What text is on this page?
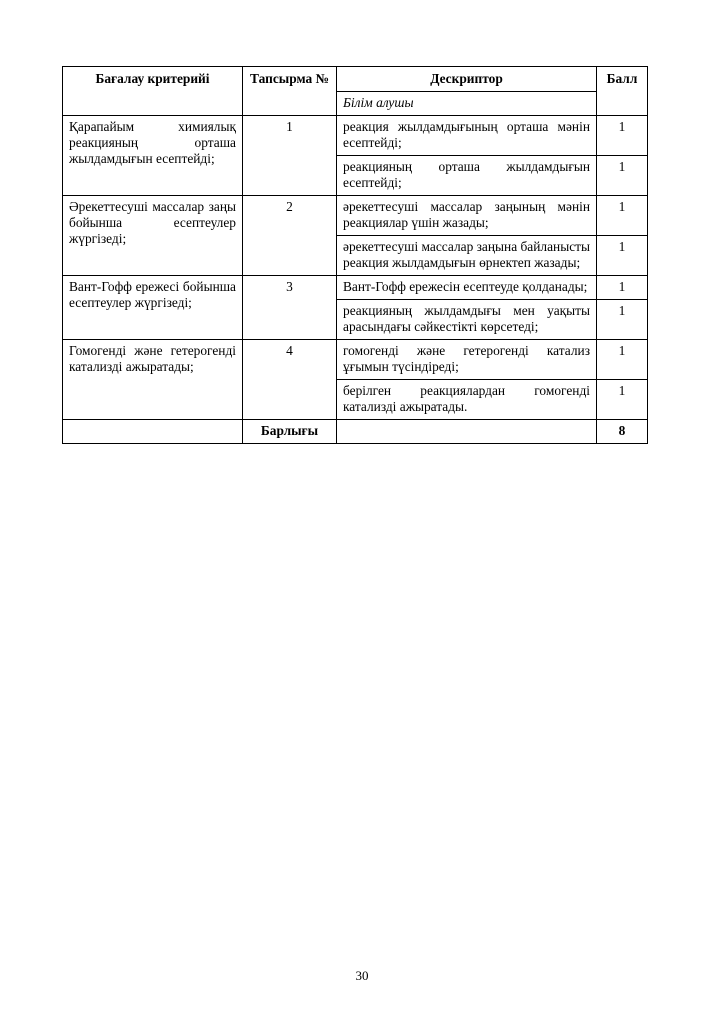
Бағалау критерийі	Тапсырма №	Дескриптор	Балл
		Білім алушы	
Қарапайым химиялық реакцияның орташа жылдамдығын есептейді;	1	реакция жылдамдығының орташа мәнін есептейді;	1
		реакцияның орташа жылдамдығын есептейді;	1
Әрекеттесуші массалар заңы бойынша есептеулер жүргізеді;	2	әрекеттесуші массалар заңының мәнін реакциялар үшін жазады;	1
		әрекеттесуші массалар заңына байланысты реакция жылдамдығын өрнектеп жазады;	1
Вант-Гофф ережесі бойынша есептеулер жүргізеді;	3	Вант-Гофф ережесін есептеуде қолданады;	1
		реакцияның жылдамдығы мен уақыты арасындағы сәйкестікті көрсетеді;	1
Гомогенді және гетерогенді катализді ажыратады;	4	гомогенді және гетерогенді катализ ұғымын түсіндіреді;	1
		берілген реакциялардан гомогенді катализді ажыратады.	1
	Барлығы		8
30
